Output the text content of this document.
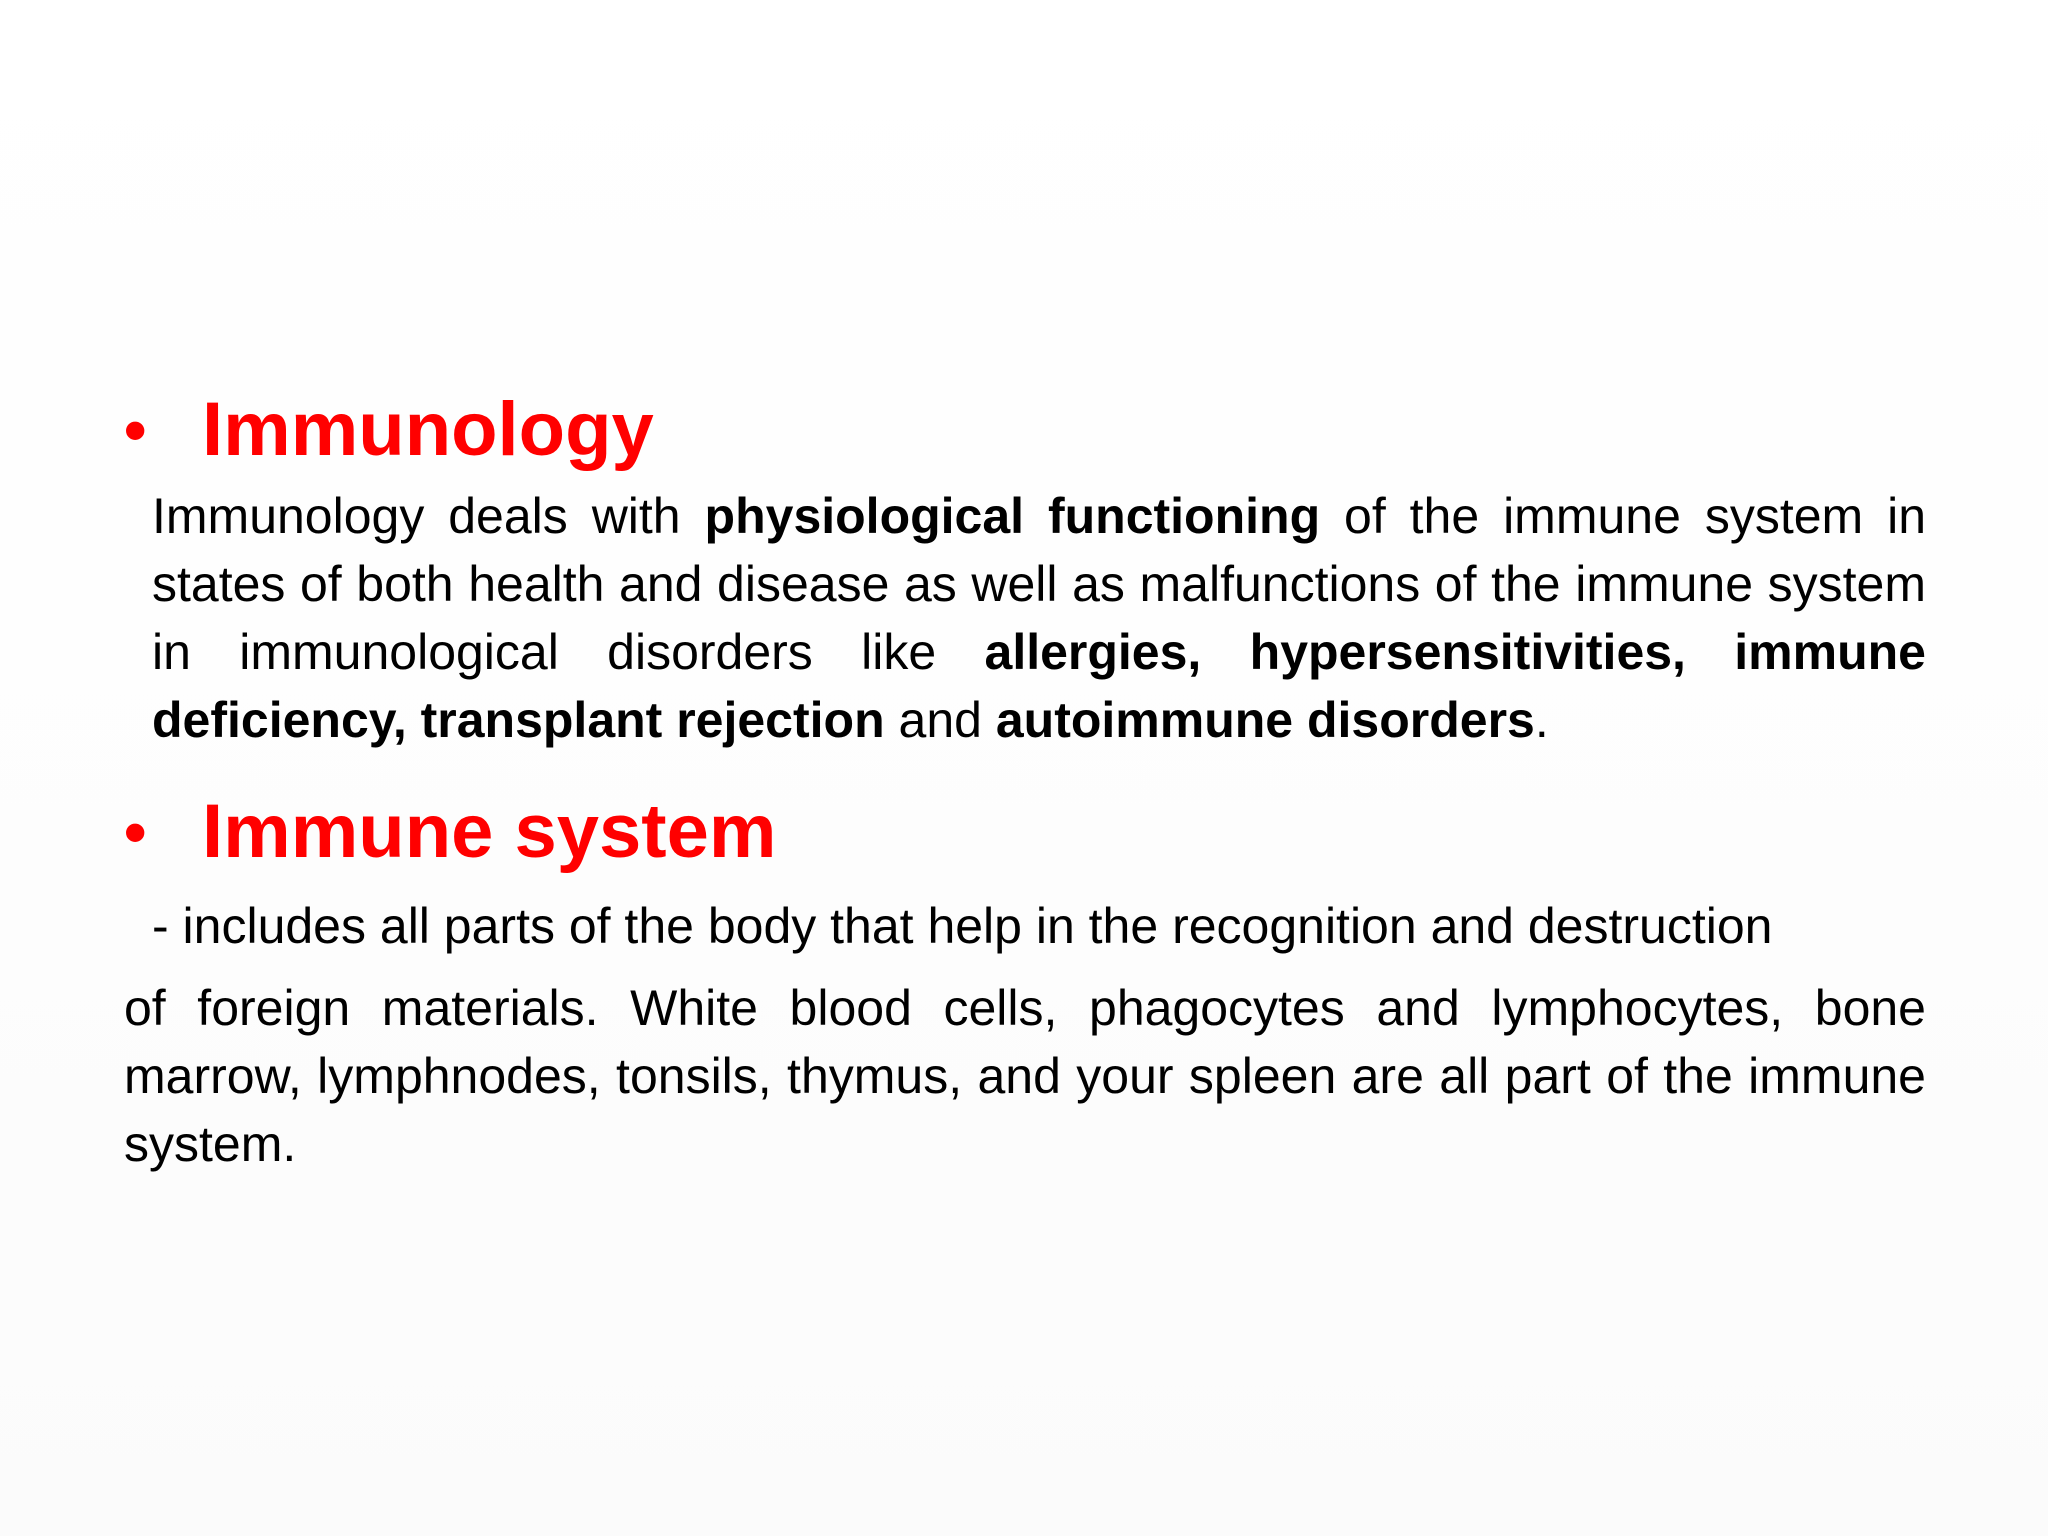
• Immunology

Immunology deals with physiological functioning of the immune system in states of both health and disease as well as malfunctions of the immune system in immunological disorders like allergies, hypersensitivities, immune deficiency, transplant rejection and autoimmune disorders.

• Immune system

- includes all parts of the body that help in the recognition and destruction

of foreign materials. White blood cells, phagocytes and lymphocytes, bone marrow, lymphnodes, tonsils, thymus, and your spleen are all part of the immune system.
